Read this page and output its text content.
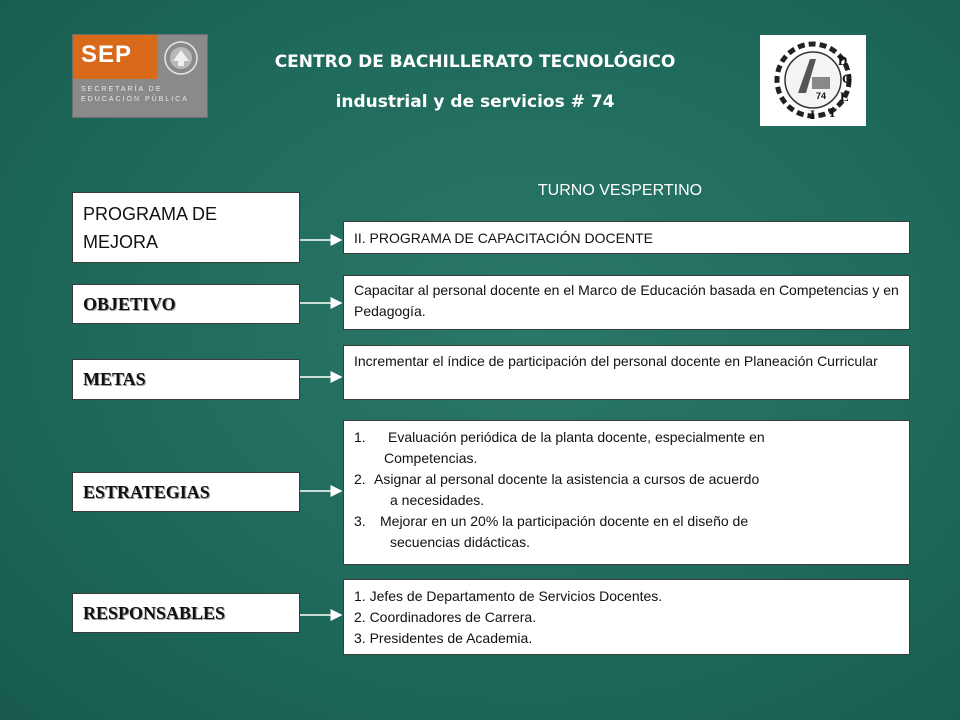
SEP
SECRETARÍA DE
EDUCACIÓN PÚBLICA
CENTRO DE BACHILLERATO TECNOLÓGICO
industrial y de servicios # 74
D
G
E
T
I
74
TURNO VESPERTINO
PROGRAMA DE MEJORA
OBJETIVO
METAS
ESTRATEGIAS
RESPONSABLES
II. PROGRAMA DE CAPACITACIÓN DOCENTE
Capacitar al personal docente en el Marco de Educación basada en Competencias y en Pedagogía.
Incrementar el índice de participación del personal docente en Planeación Curricular
1.	Evaluación periódica de la planta docente, especialmente en
Competencias.
2. Asignar al personal docente la asistencia a cursos de acuerdo
a necesidades.
3.	Mejorar en un 20% la participación docente en el diseño de
secuencias didácticas.
1. Jefes de Departamento de Servicios Docentes.
2. Coordinadores de Carrera.
3. Presidentes de Academia.
